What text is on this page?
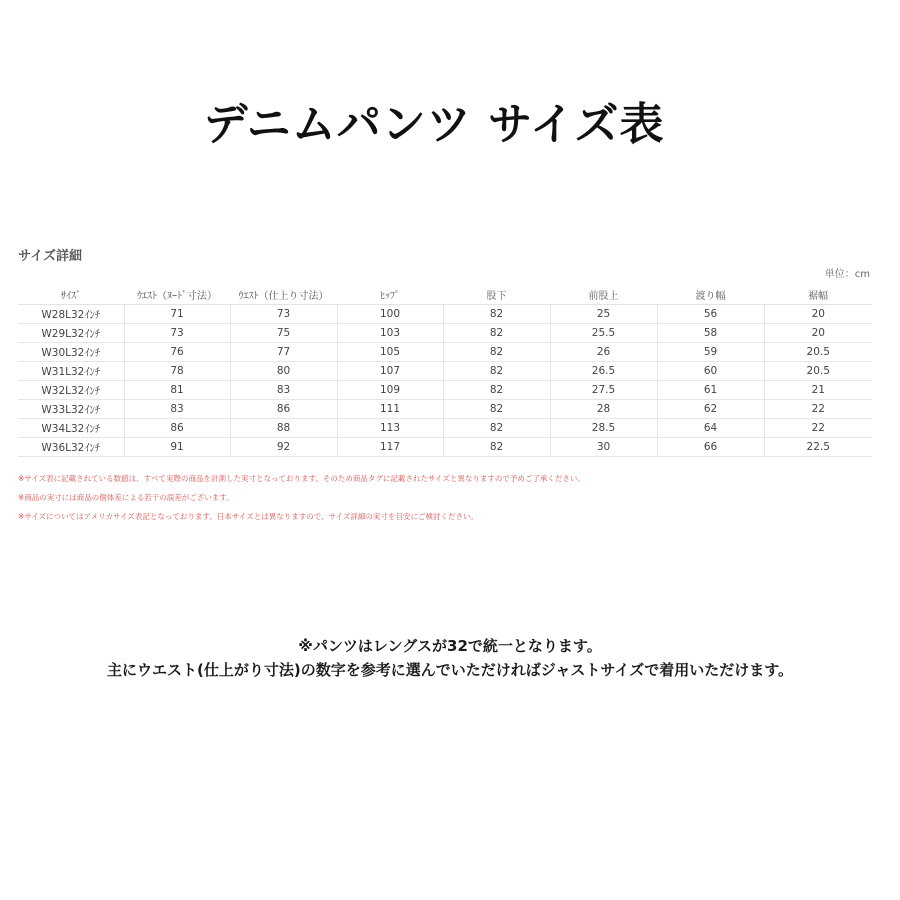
デニムパンツ サイズ表
サイズ詳細
単位：cm
ｻｲｽﾞ	ｳｴｽﾄ（ﾇｰﾄﾞ寸法）	ｳｴｽﾄ（仕上り寸法）	ﾋｯﾌﾟ	股下	前股上	渡り幅	裾幅
W28L32ｲﾝﾁ	71	73	100	82	25	56	20
W29L32ｲﾝﾁ	73	75	103	82	25.5	58	20
W30L32ｲﾝﾁ	76	77	105	82	26	59	20.5
W31L32ｲﾝﾁ	78	80	107	82	26.5	60	20.5
W32L32ｲﾝﾁ	81	83	109	82	27.5	61	21
W33L32ｲﾝﾁ	83	86	111	82	28	62	22
W34L32ｲﾝﾁ	86	88	113	82	28.5	64	22
W36L32ｲﾝﾁ	91	92	117	82	30	66	22.5
※サイズ表に記載されている数値は、すべて実際の商品を計測した実寸となっております。そのため商品タグに記載されたサイズと異なりますので予めご了承ください。
※商品の実寸には商品の個体差による若干の誤差がございます。
※サイズについてはアメリカサイズ表記となっております。日本サイズとは異なりますので、サイズ詳細の実寸を目安にご検討ください。
※パンツはレングスが32で統一となります。
主にウエスト(仕上がり寸法)の数字を参考に選んでいただければジャストサイズで着用いただけます。
